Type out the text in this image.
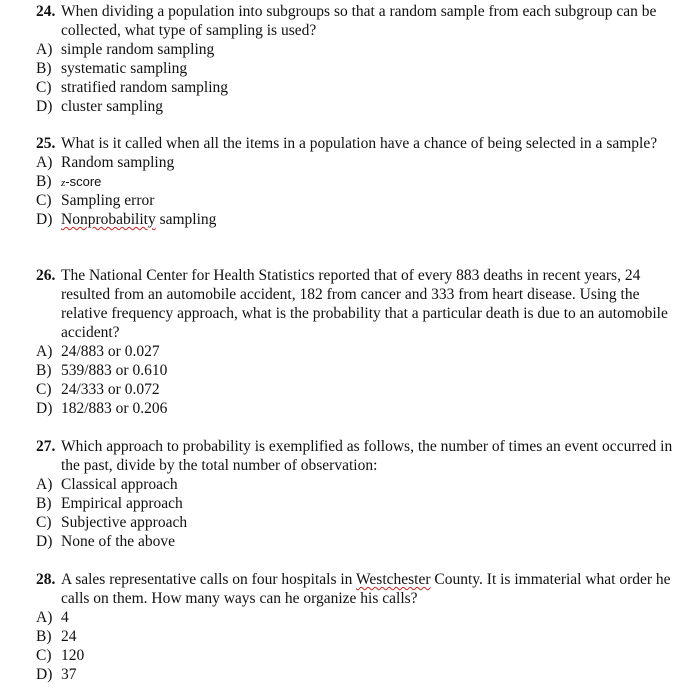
24. When dividing a population into subgroups so that a random sample from each subgroup can be collected, what type of sampling is used?
A) simple random sampling
B) systematic sampling
C) stratified random sampling
D) cluster sampling
25. What is it called when all the items in a population have a chance of being selected in a sample?
A) Random sampling
B) z-score
C) Sampling error
D) Nonprobability sampling
26. The National Center for Health Statistics reported that of every 883 deaths in recent years, 24 resulted from an automobile accident, 182 from cancer and 333 from heart disease. Using the relative frequency approach, what is the probability that a particular death is due to an automobile accident?
A) 24/883 or 0.027
B) 539/883 or 0.610
C) 24/333 or 0.072
D) 182/883 or 0.206
27. Which approach to probability is exemplified as follows, the number of times an event occurred in the past, divide by the total number of observation:
A) Classical approach
B) Empirical approach
C) Subjective approach
D) None of the above
28. A sales representative calls on four hospitals in Westchester County. It is immaterial what order he calls on them. How many ways can he organize his calls?
A) 4
B) 24
C) 120
D) 37
